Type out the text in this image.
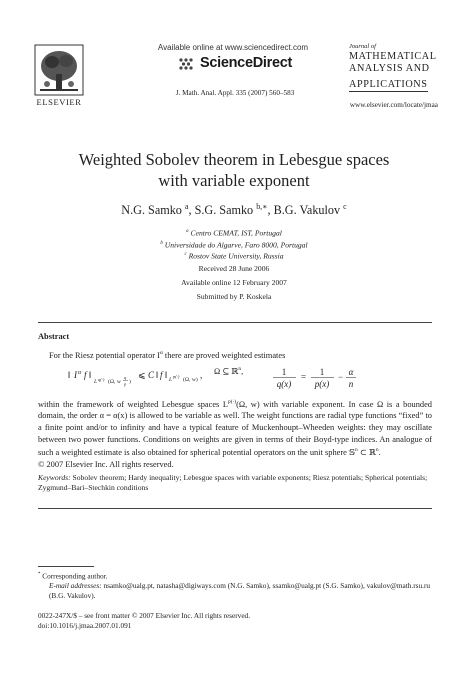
ELSEVIER
Available online at www.sciencedirect.com
ScienceDirect
J. Math. Anal. Appl. 335 (2007) 560–583
Journal of
MATHEMATICAL
ANALYSIS AND
APPLICATIONS
www.elsevier.com/locate/jmaa
Weighted Sobolev theorem in Lebesgue spaces
with variable exponent
N.G. Samko $^a$, S.G. Samko $^{b,∗}$, B.G. Vakulov $^c$
$^a$ Centro CEMAT, IST, Portugal
$^b$ Universidade do Algarve, Faro 8000, Portugal
$^c$ Rostov State University, Russia
Received 28 June 2006
Available online 12 February 2007
Submitted by P. Koskela
Abstract
For the Riesz potential operator $I^\alpha$ there are proved weighted estimates
‖ I α f ‖
L q(·) (Ω, w
q
p )
⩽ C ‖ f ‖ L
p(·)
(Ω, w) ,	1
q(x)
= 1
p(x)
− α
n
Ω ⊆ ℝ$^n$,
within the framework of weighted Lebesgue spaces $L^{p(\cdot)}(\Omega$, w) with variable exponent. In case Ω is a bounded domain, the order α = α(x) is allowed to be variable as well. The weight functions are radial type functions “fixed” to a finite point and/or to infinity and have a typical feature of Muckenhoupt–Wheeden weights: they may oscillate between two power functions. Conditions on weights are given in terms of their Boyd-type indices. An analogue of such a weighted estimate is also obtained for spherical potential operators on the unit sphere 𝕊$^n$ ⊂ ℝ$^n$.
© 2007 Elsevier Inc. All rights reserved.
Keywords: Sobolev theorem; Hardy inequality; Lebesgue spaces with variable exponents; Riesz potentials; Spherical potentials; Zygmund–Bari–Stechkin conditions
* Corresponding author.
E-mail addresses: nsamko@ualg.pt, natasha@digiways.com (N.G. Samko), ssamko@ualg.pt (S.G. Samko), vakulov@math.rsu.ru (B.G. Vakulov).
0022-247X/$ – see front matter © 2007 Elsevier Inc. All rights reserved.
doi:10.1016/j.jmaa.2007.01.091
